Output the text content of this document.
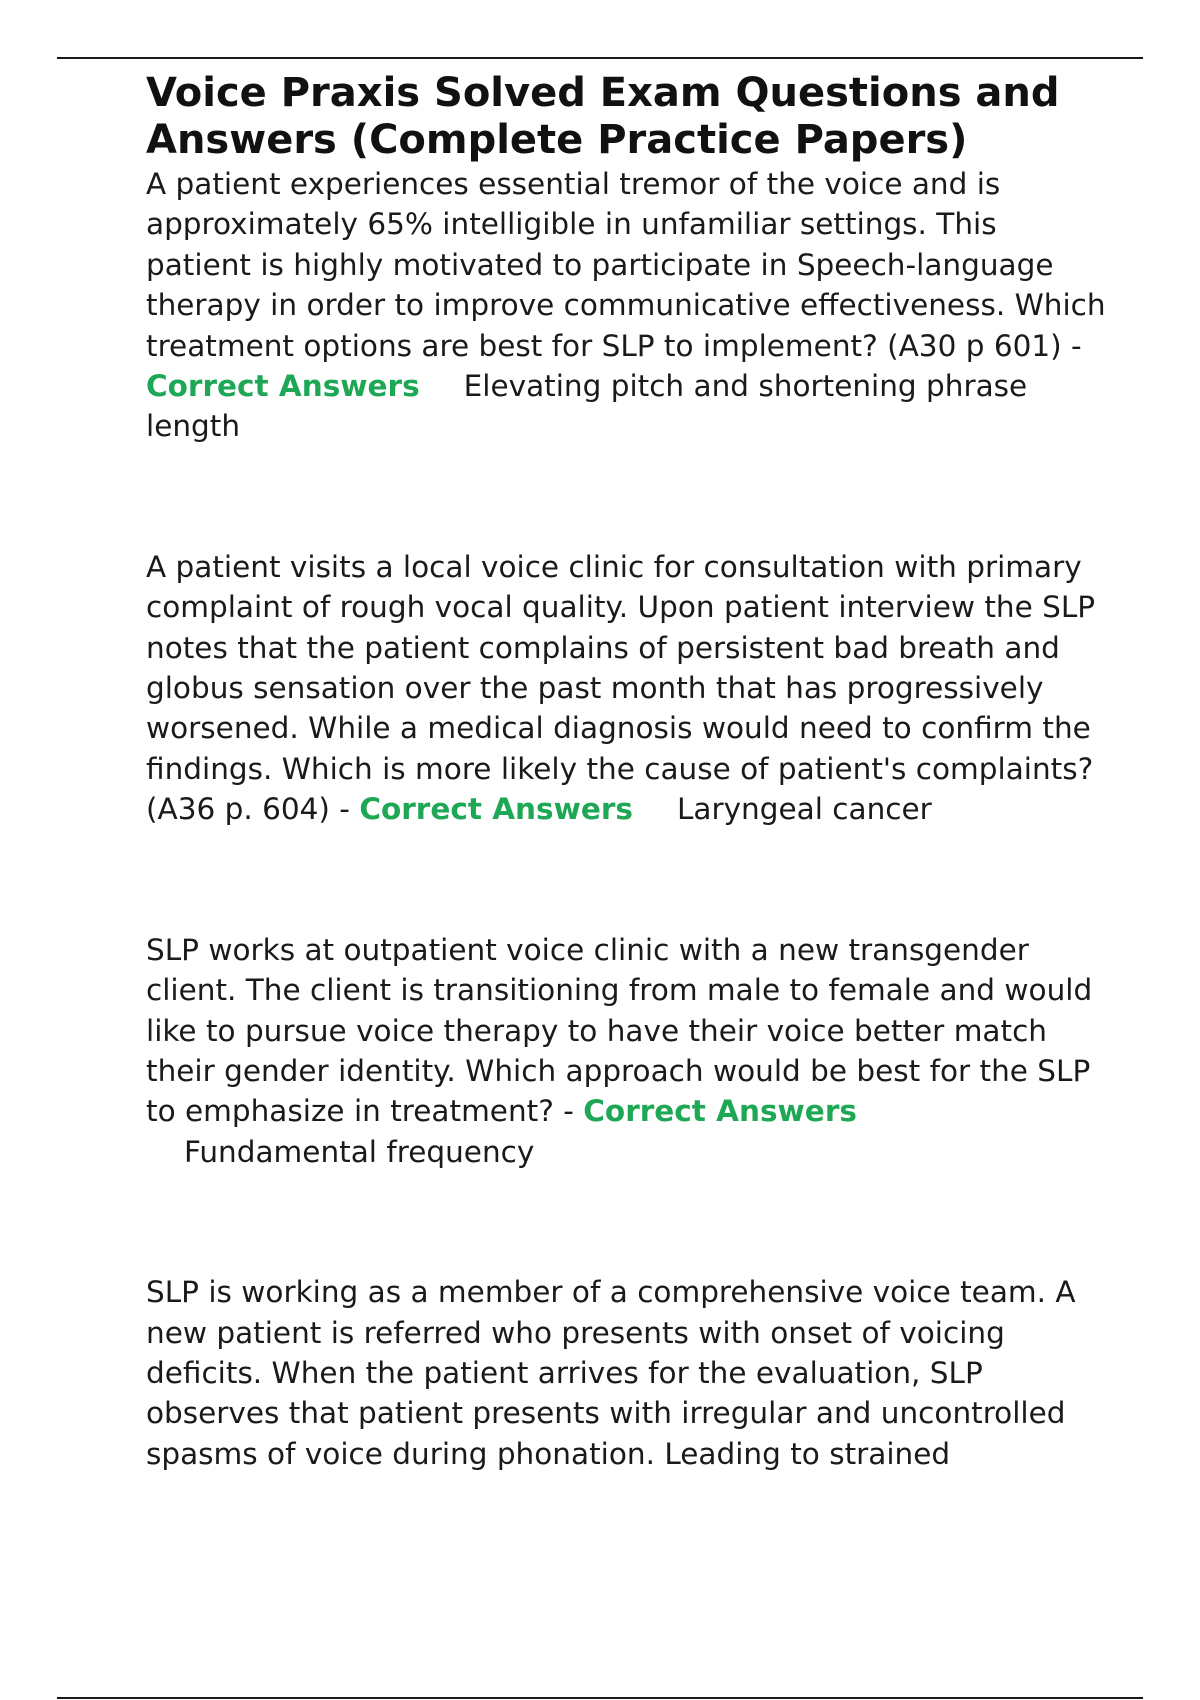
Voice Praxis Solved Exam Questions and Answers (Complete Practice Papers)

A patient experiences essential tremor of the voice and is approximately 65% intelligible in unfamiliar settings. This patient is highly motivated to participate in Speech-language therapy in order to improve communicative effectiveness. Which treatment options are best for SLP to implement? (A30 p 601) - Correct Answers Elevating pitch and shortening phrase length

A patient visits a local voice clinic for consultation with primary complaint of rough vocal quality. Upon patient interview the SLP notes that the patient complains of persistent bad breath and globus sensation over the past month that has progressively worsened. While a medical diagnosis would need to confirm the findings. Which is more likely the cause of patient's complaints? (A36 p. 604) - Correct Answers Laryngeal cancer

SLP works at outpatient voice clinic with a new transgender client. The client is transitioning from male to female and would like to pursue voice therapy to have their voice better match their gender identity. Which approach would be best for the SLP to emphasize in treatment? - Correct Answers
Fundamental frequency

SLP is working as a member of a comprehensive voice team. A new patient is referred who presents with onset of voicing deficits. When the patient arrives for the evaluation, SLP observes that patient presents with irregular and uncontrolled spasms of voice during phonation. Leading to strained
